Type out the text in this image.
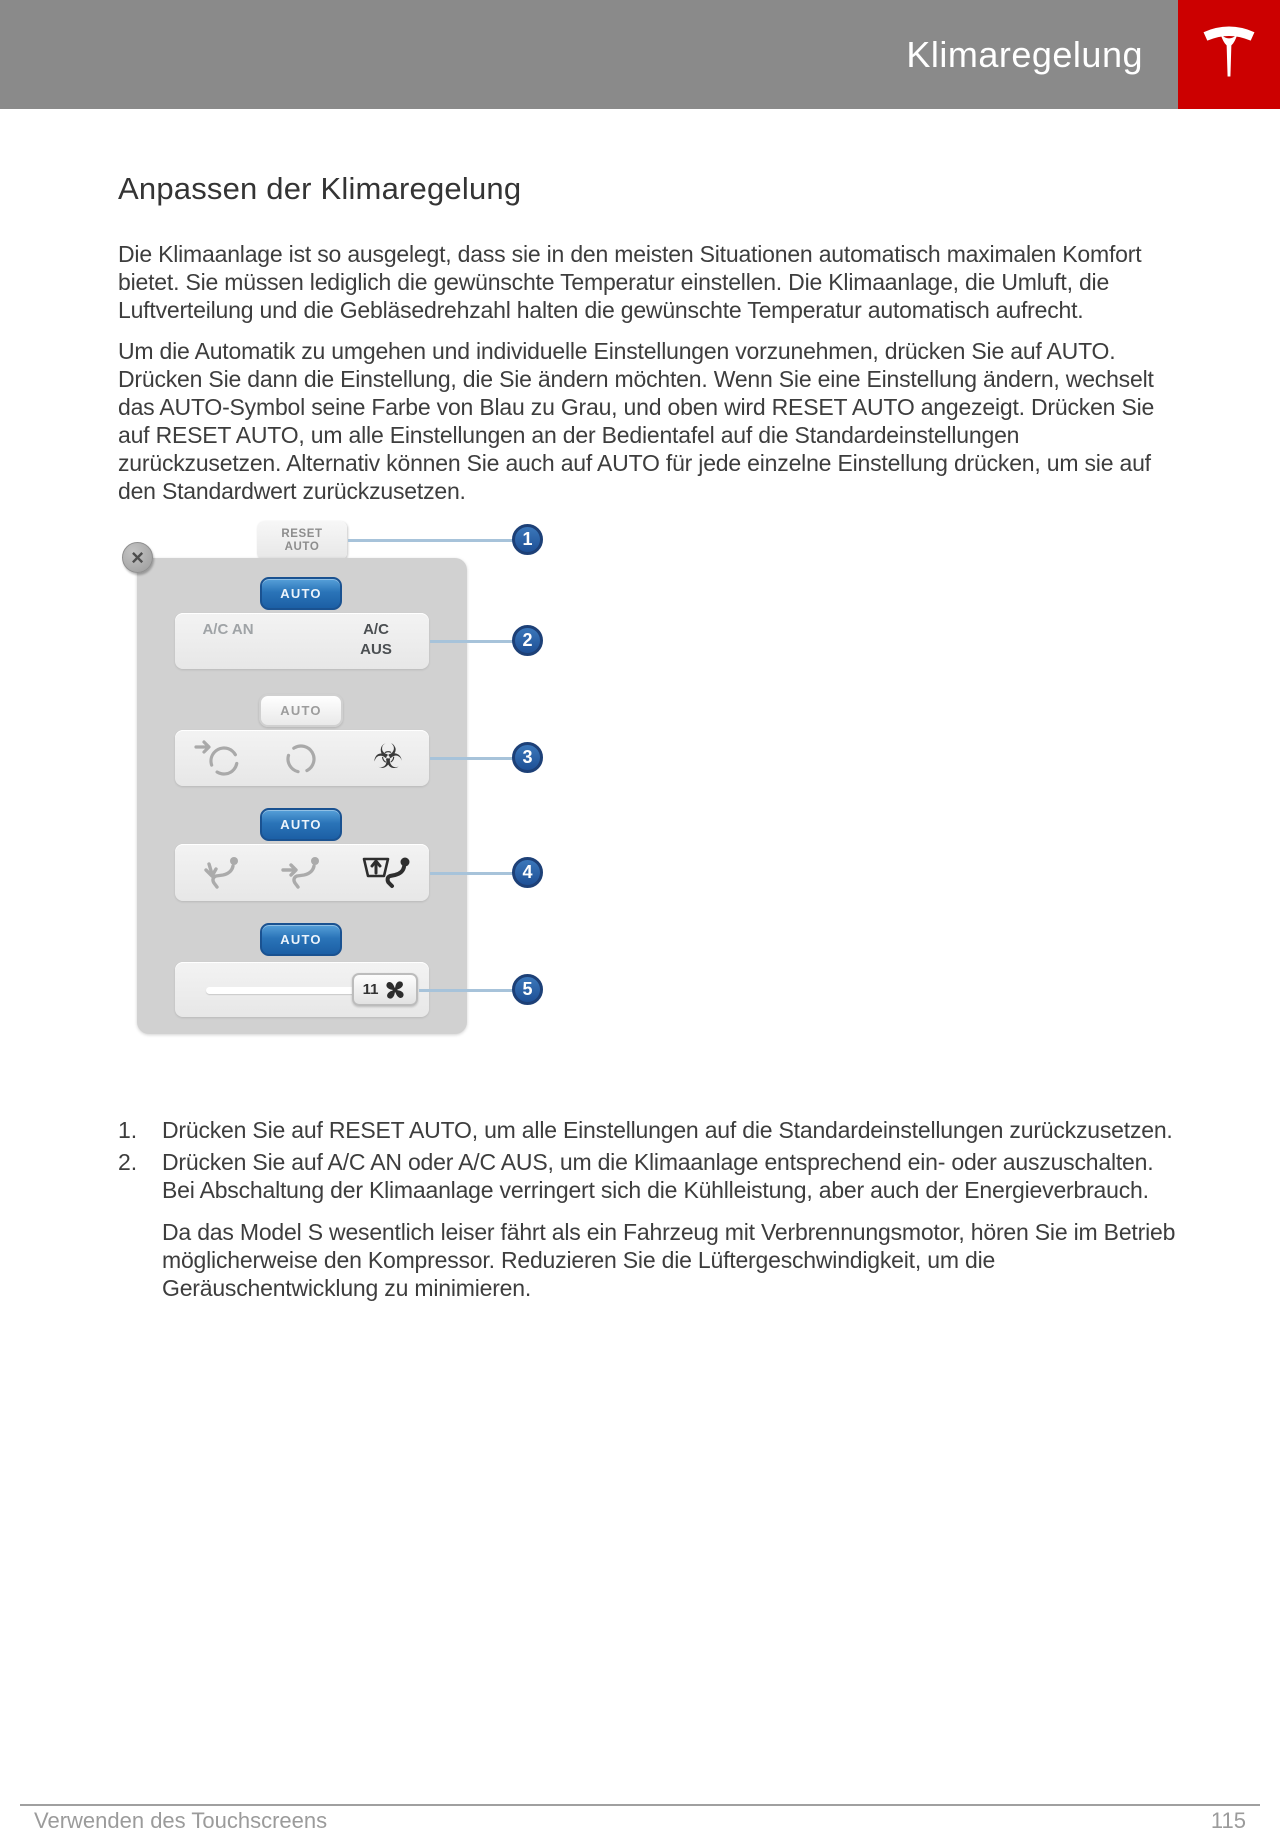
Klimaregelung
Anpassen der Klimaregelung

Die Klimaanlage ist so ausgelegt, dass sie in den meisten Situationen automatisch maximalen Komfort bietet. Sie müssen lediglich die gewünschte Temperatur einstellen. Die Klimaanlage, die Umluft, die Luftverteilung und die Gebläsedrehzahl halten die gewünschte Temperatur automatisch aufrecht.

Um die Automatik zu umgehen und individuelle Einstellungen vorzunehmen, drücken Sie auf AUTO. Drücken Sie dann die Einstellung, die Sie ändern möchten. Wenn Sie eine Einstellung ändern, wechselt das AUTO-Symbol seine Farbe von Blau zu Grau, und oben wird RESET AUTO angezeigt. Drücken Sie auf RESET AUTO, um alle Einstellungen an der Bedientafel auf die Standardeinstellungen zurückzusetzen. Alternativ können Sie auch auf AUTO für jede einzelne Einstellung drücken, um sie auf den Standardwert zurückzusetzen.

RESET AUTO
×
AUTO
A/C AN	A/C AUS
AUTO
☣
AUTO
AUTO
11
1
2
3
4
5
1.	Drücken Sie auf RESET AUTO, um alle Einstellungen auf die Standardeinstellungen zurückzusetzen.

2.	Drücken Sie auf A/C AN oder A/C AUS, um die Klimaanlage entsprechend ein- oder auszuschalten. Bei Abschaltung der Klimaanlage verringert sich die Kühlleistung, aber auch der Energieverbrauch.

Da das Model S wesentlich leiser fährt als ein Fahrzeug mit Verbrennungsmotor, hören Sie im Betrieb möglicherweise den Kompressor. Reduzieren Sie die Lüftergeschwindigkeit, um die Geräuschentwicklung zu minimieren.

Verwenden des Touchscreens	115
